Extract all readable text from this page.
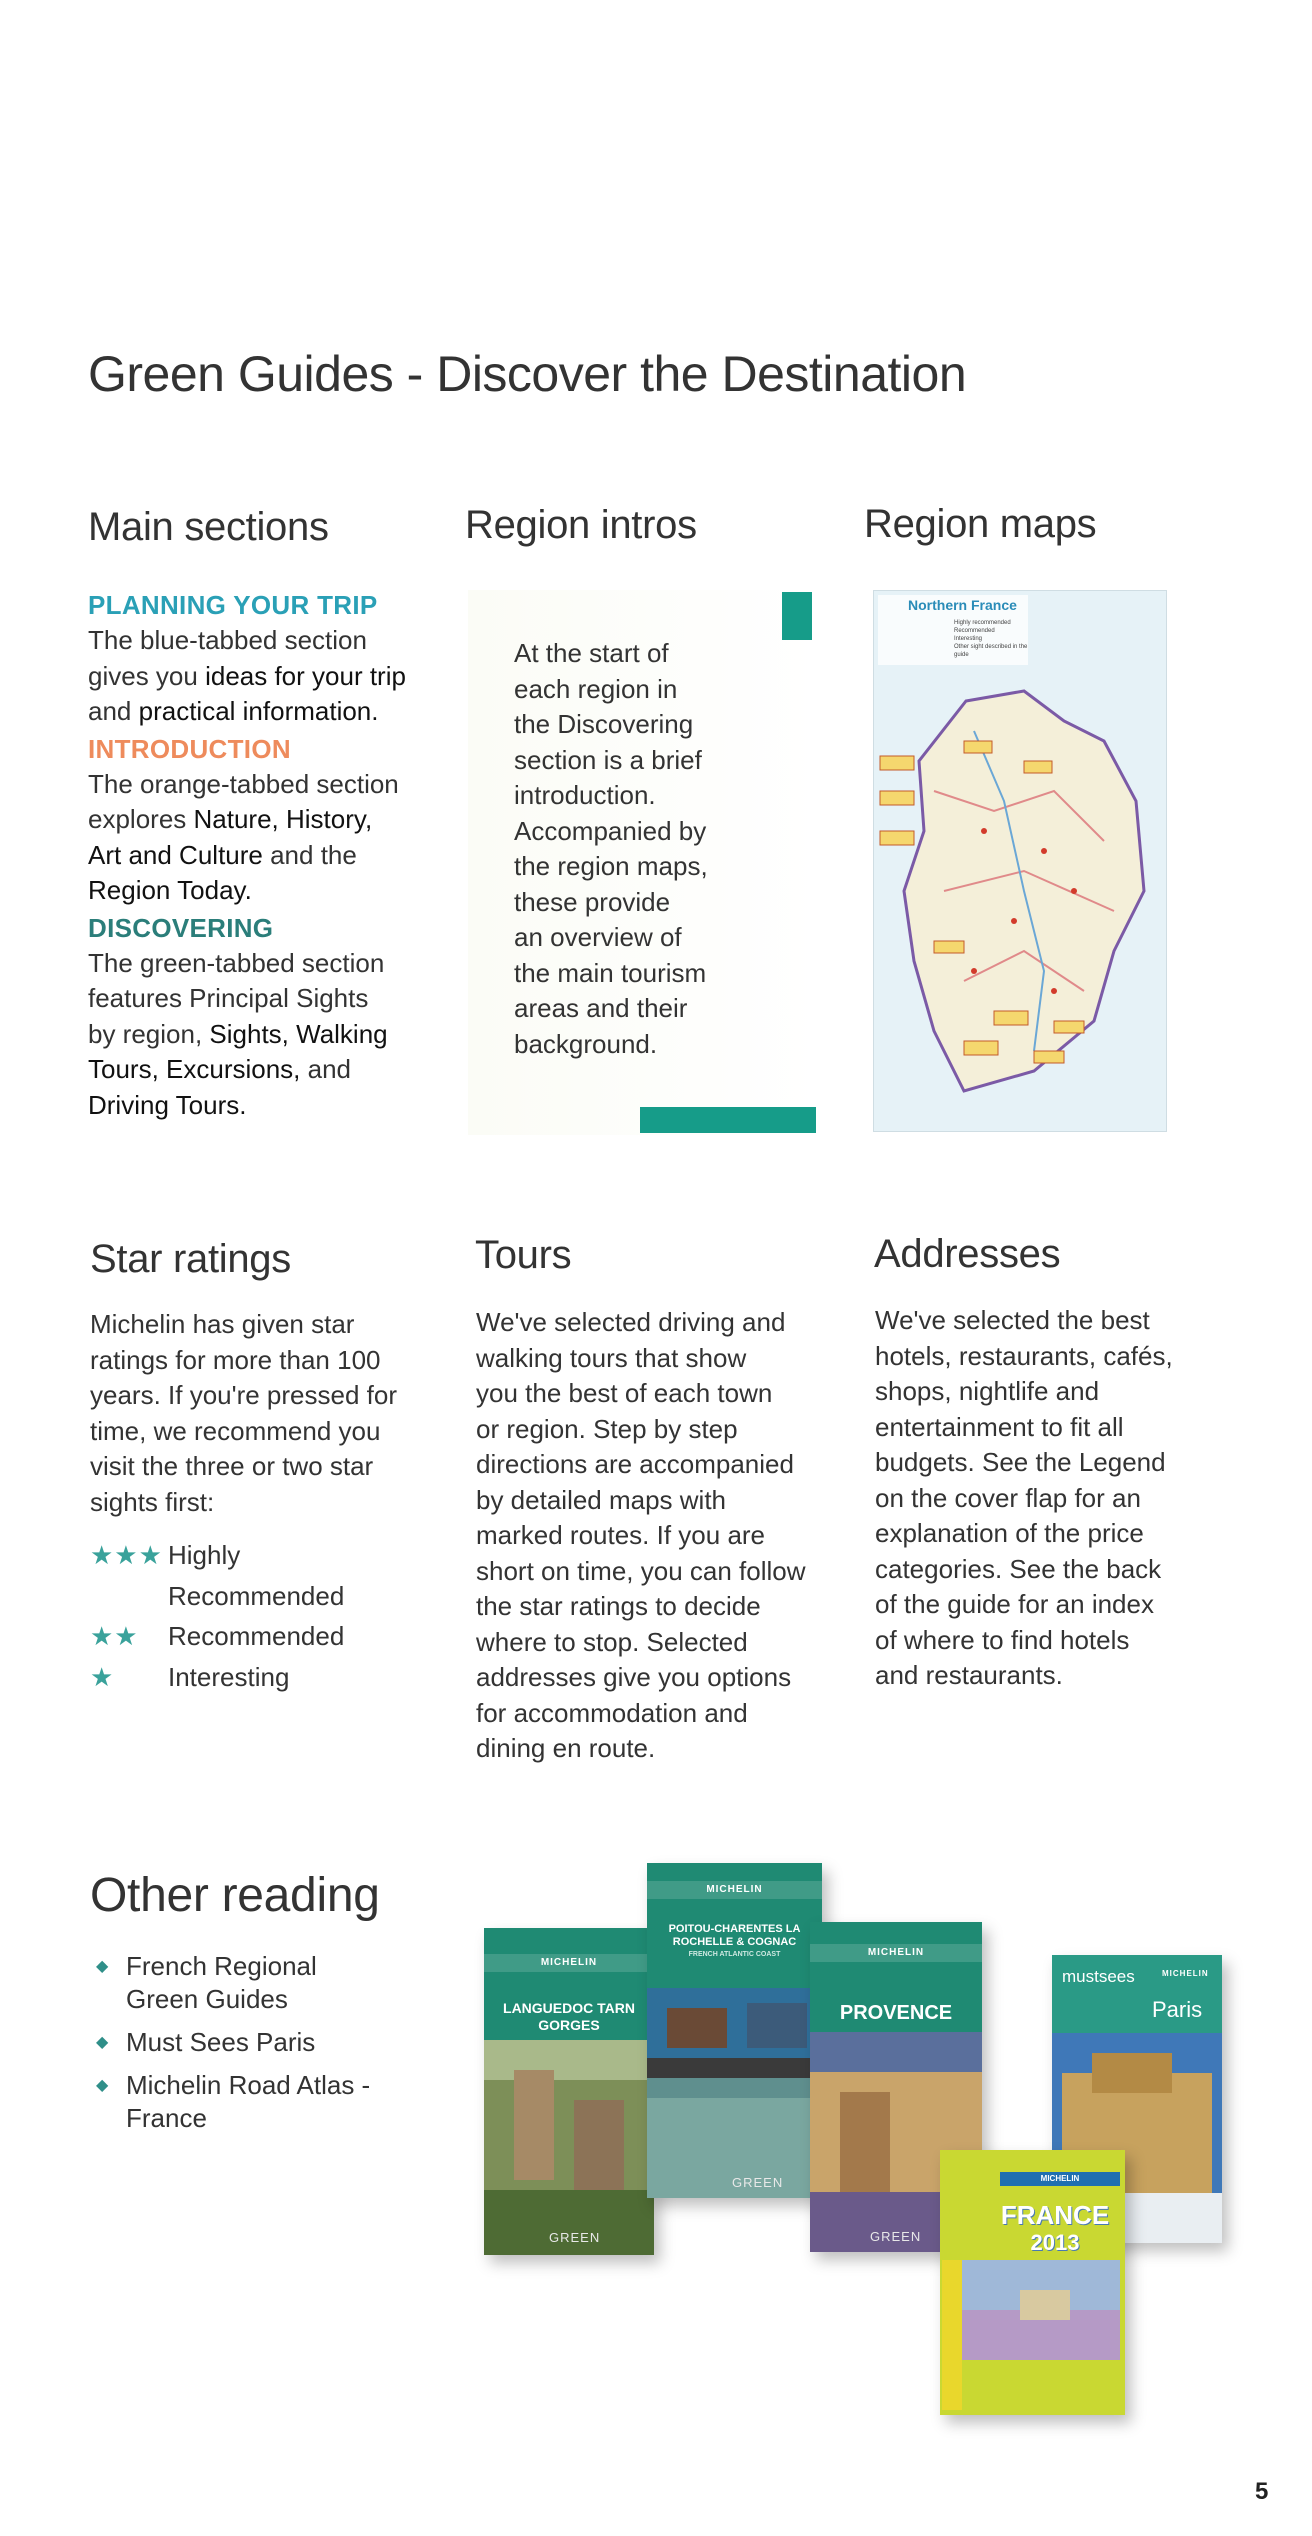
Green Guides - Discover the Destination
Main sections
PLANNING YOUR TRIP
The blue-tabbed section
gives you ideas for your trip
and practical information.
INTRODUCTION
The orange-tabbed section
explores Nature, History,
Art and Culture and the
Region Today.
DISCOVERING
The green-tabbed section
features Principal Sights
by region, Sights, Walking
Tours, Excursions, and
Driving Tours.
Region intros
At the start of
each region in
the Discovering
section is a brief
introduction.
Accompanied by
the region maps,
these provide
an overview of
the main tourism
areas and their
background.
Region maps
Northern France
Highly recommended
Recommended
Interesting
Other sight described in the guide
Star ratings
Michelin has given star
ratings for more than 100
years. If you're pressed for
time, we recommend you
visit the three or two star
sights first:
★★★ Highly
Recommended
★★	Recommended
★	Interesting
Tours
We've selected driving and
walking tours that show
you the best of each town
or region. Step by step
directions are accompanied
by detailed maps with
marked routes. If you are
short on time, you can follow
the star ratings to decide
where to stop. Selected
addresses give you options
for accommodation and
dining en route.
Addresses
We've selected the best
hotels, restaurants, cafés,
shops, nightlife and
entertainment to fit all
budgets. See the Legend
on the cover flap for an
explanation of the price
categories. See the back
of the guide for an index
of where to find hotels
and restaurants.
Other reading
◆ French Regional
Green Guides
◆ Must Sees Paris
◆ Michelin Road Atlas -
France
MICHELIN
LANGUEDOC TARN GORGES
GREEN
MICHELIN
POITOU-CHARENTES LA ROCHELLE & COGNAC
FRENCH ATLANTIC COAST
GREEN
MICHELIN
PROVENCE
GREEN
MICHELIN
mustsees
Paris
MICHELIN
FRANCE
2013
5
